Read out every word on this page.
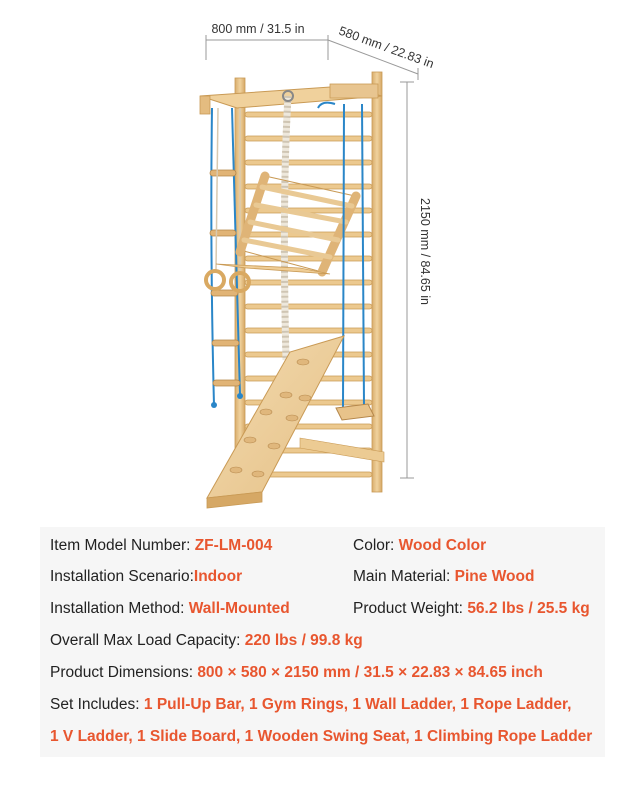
800 mm / 31.5 in	580 mm / 22.83 in
2150 mm / 84.65 in
Item Model Number: ZF-LM-004	Color: Wood Color
Installation Scenario:Indoor	Main Material: Pine Wood
Installation Method: Wall-Mounted	Product Weight: 56.2 lbs / 25.5 kg
Overall Max Load Capacity: 220 lbs / 99.8 kg
Product Dimensions: 800 × 580 × 2150 mm / 31.5 × 22.83 × 84.65 inch
Set Includes: 1 Pull-Up Bar, 1 Gym Rings, 1 Wall Ladder, 1 Rope Ladder,
1 V Ladder, 1 Slide Board, 1 Wooden Swing Seat, 1 Climbing Rope Ladder
